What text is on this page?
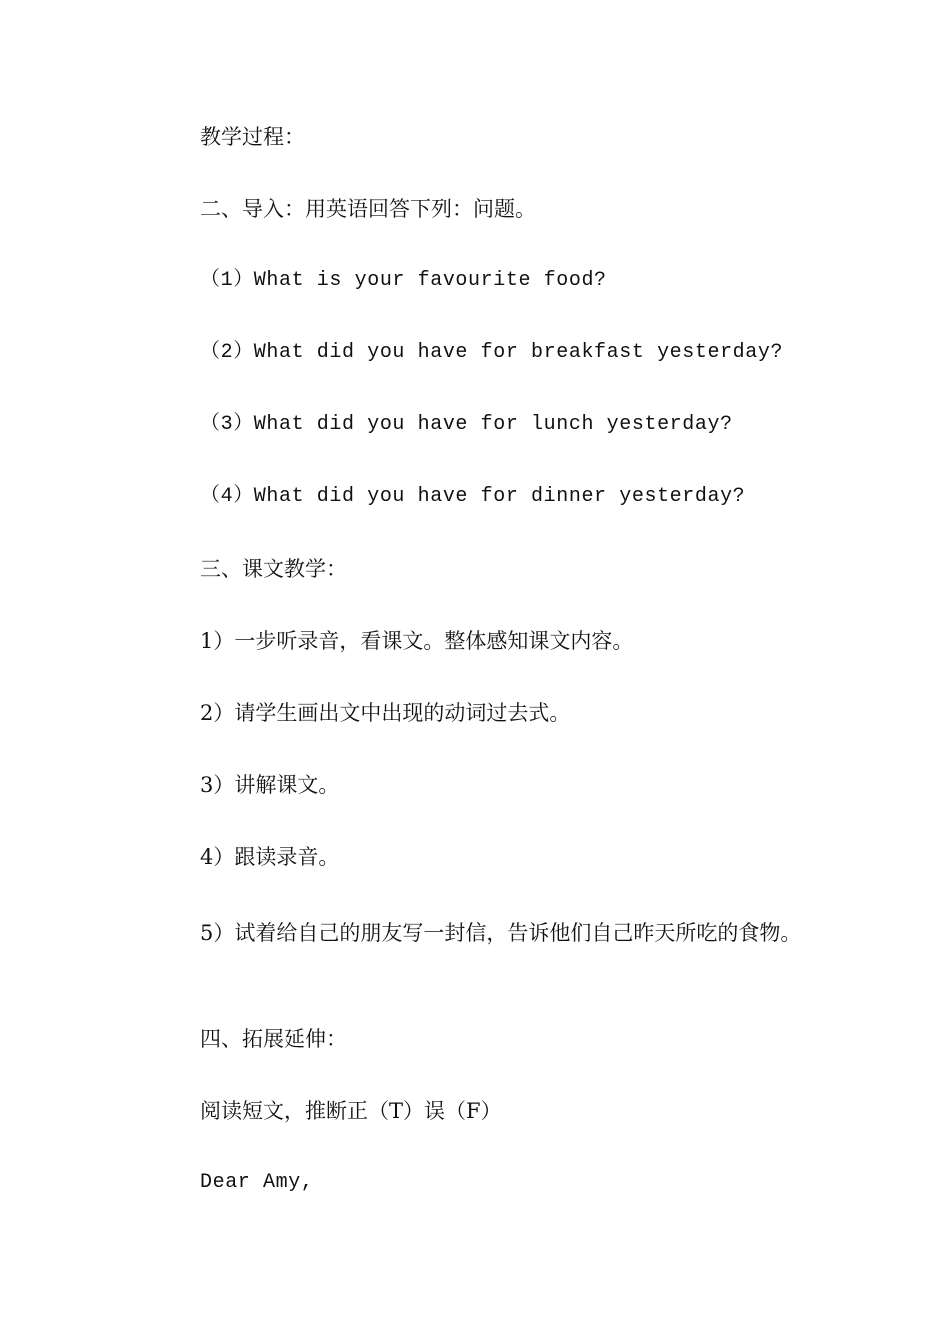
教学过程：
二、导入：用英语回答下列：问题。
（1）What is your favourite food?
（2）What did you have for breakfast yesterday?
（3）What did you have for lunch yesterday?
（4）What did you have for dinner yesterday?
三、课文教学：
1）一步听录音，看课文。整体感知课文内容。
2）请学生画出文中出现的动词过去式。
3）讲解课文。
4）跟读录音。
5）试着给自己的朋友写一封信，告诉他们自己昨天所吃的食物。
四、拓展延伸：
阅读短文，推断正（T）误（F）
Dear Amy,
